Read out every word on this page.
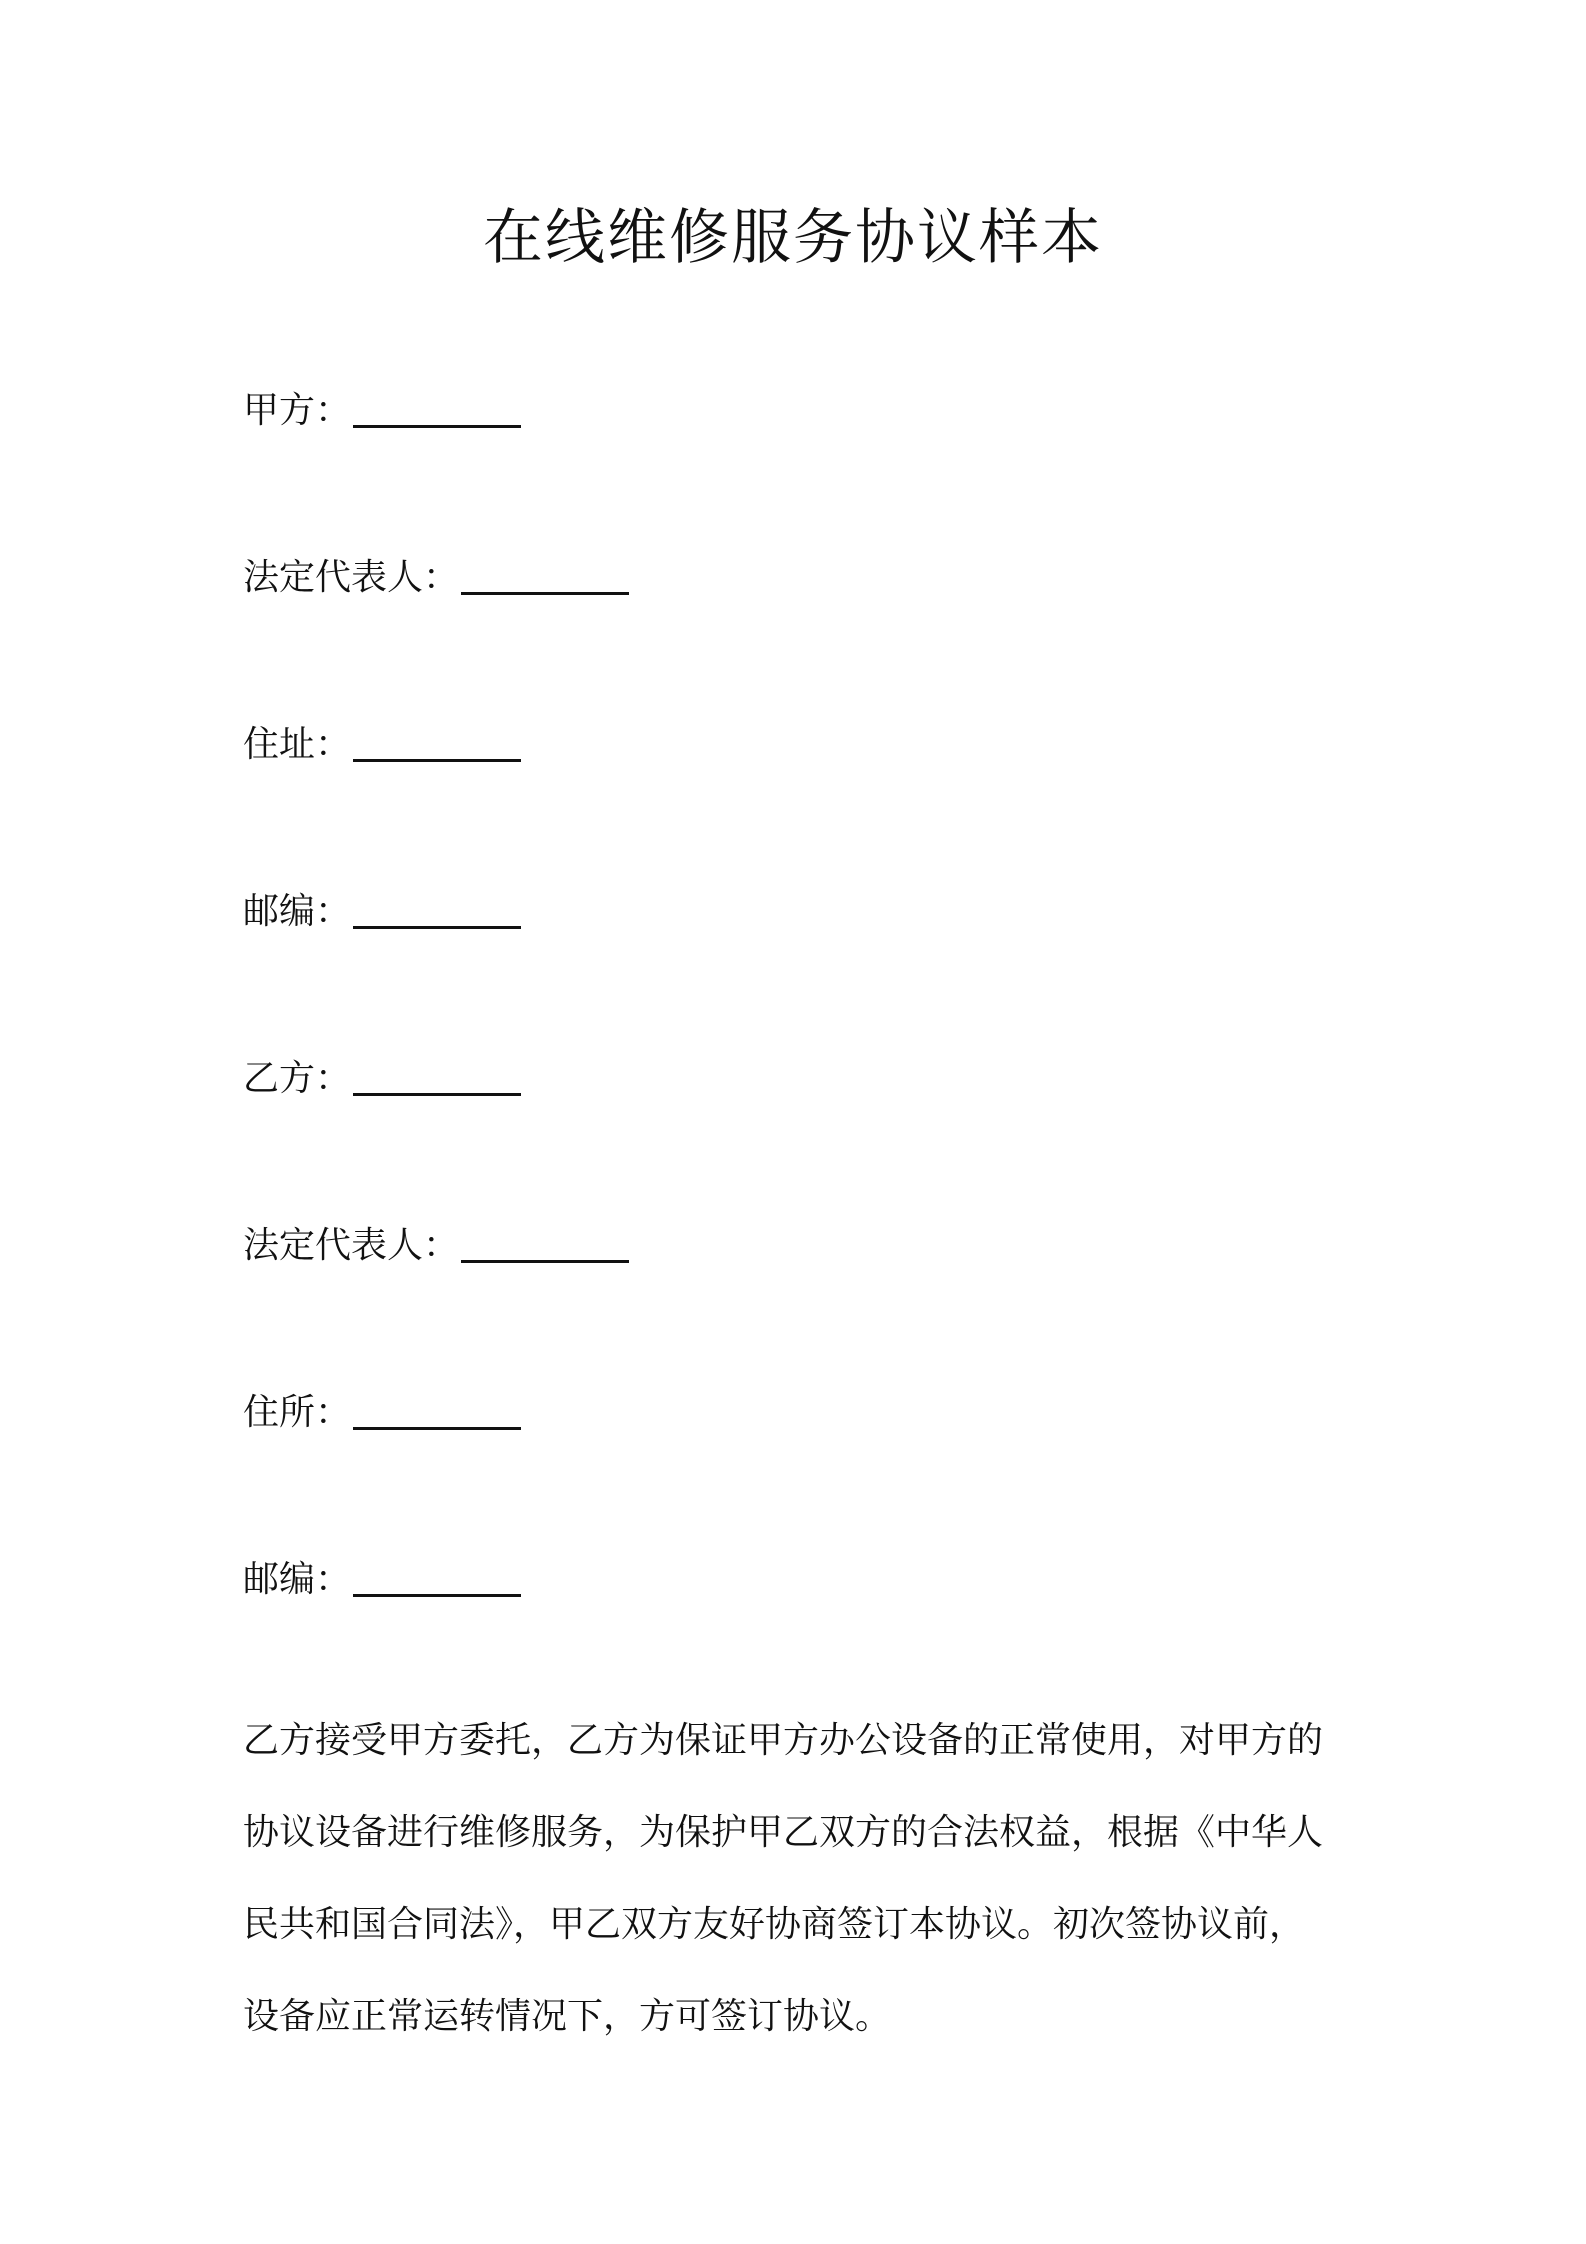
在线维修服务协议样本
甲方：
法定代表人：
住址：
邮编：
乙方：
法定代表人：
住所：
邮编：

乙方接受甲方委托，乙方为保证甲方办公设备的正常使用，对甲方的
协议设备进行维修服务，为保护甲乙双方的合法权益，根据《中华人
民共和国合同法》，甲乙双方友好协商签订本协议。初次签协议前，
设备应正常运转情况下，方可签订协议。
